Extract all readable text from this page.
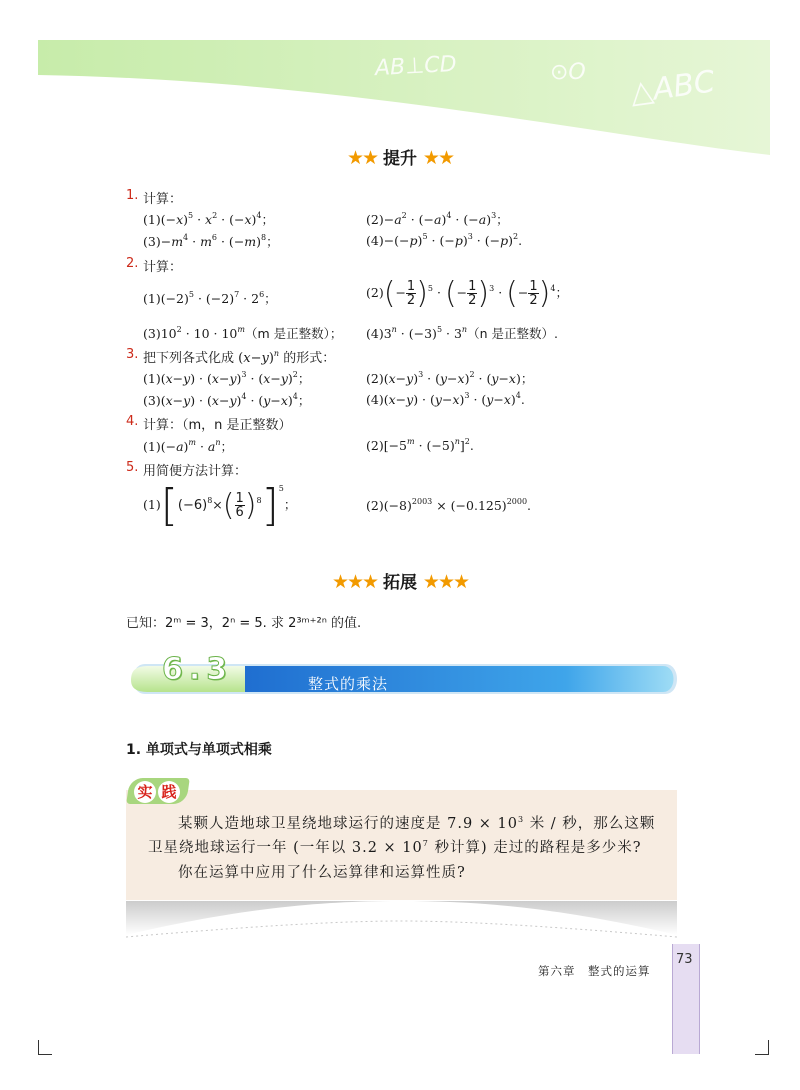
AB⊥CD	⊙O △ABC
★★ 提升 ★★
1. 计算：
$(1)(-x)^5 \cdot x^2 \cdot (-x)^4$；	$(2)-a^2 \cdot (-a)^4 \cdot (-a)^3$；
$(3)-m^4 \cdot m^6 \cdot (-m)^8$；	$(4)-(-p)^5 \cdot (-p)^3 \cdot (-p)^2$.
2. 计算：
$(1)(-2)^5 \cdot (-2)^7 \cdot 2^6$；	$(2)(- \frac{1}{2} )^5$ · (− $\frac{1}{2} )^3$ · (− $\frac{1}{2} )^4$；
$(3)10^2 \cdot 10 \cdot 10^m(m$ 是正整数）； $(4)3^n \cdot (-3)^5 \cdot 3^n(n$ 是正整数）.
3. 把下列各式化成 $(x-y)^n$ 的形式：
$(1)(x-y) \cdot (x-y)^3 \cdot (x-y)^2$；	$(2)(x-y)^3 \cdot (y-x)^2 \cdot (y-x)$；
$(3)(x-y) \cdot (x-y)^4 \cdot (y-x)^4$；	$(4)(x-y) \cdot (y-x)^3 \cdot (y-x)^4$.
4. 计算：（m，n 是正整数）
$(1)(-a)^m \cdot a^n$；	$(2)[-5^m \cdot (-5)^n]^2$.
5. 用简便方法计算：
$(1)[(-6)^8\times( \frac{1}{6} )^8]^5$；	$(2)(-8)^{2003} \times (-0.125)^{2000}$.
★★★ 拓展 ★★★
已知：2ᵐ = 3，2ⁿ = 5. 求 2³ᵐ⁺²ⁿ 的值.
6.3	整式的乘法
1. 单项式与单项式相乘
实 践
某颗人造地球卫星绕地球运行的速度是 $7.9 \times 10^3$ 米 / 秒，那么这颗
卫星绕地球运行一年 (一年以 $3.2 \times 10^7$ 秒计算) 走过的路程是多少米?
你在运算中应用了什么运算律和运算性质?
73
第六章　整式的运算
